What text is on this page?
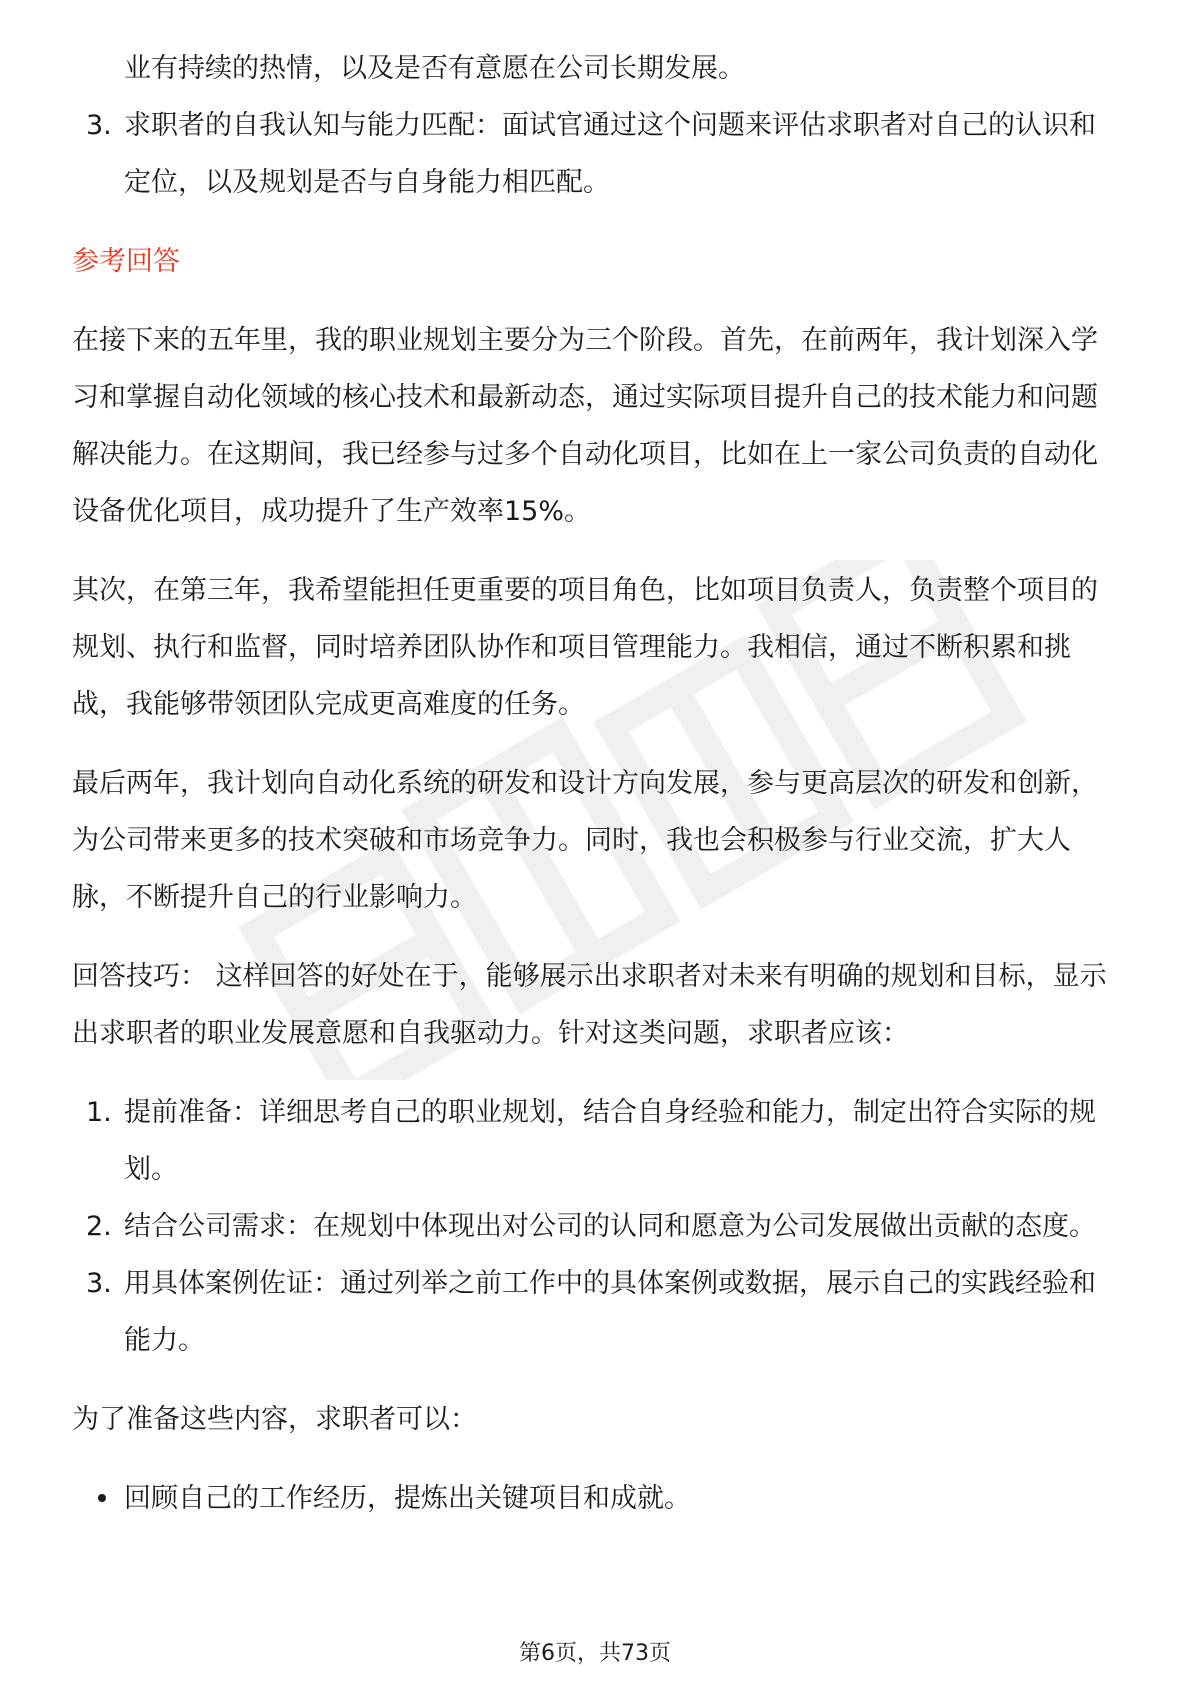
业有持续的热情，以及是否有意愿在公司长期发展。

3. 求职者的自我认知与能力匹配：面试官通过这个问题来评估求职者对自己的认识和定位，以及规划是否与自身能力相匹配。

参考回答

在接下来的五年里，我的职业规划主要分为三个阶段。首先，在前两年，我计划深入学习和掌握自动化领域的核心技术和最新动态，通过实际项目提升自己的技术能力和问题解决能力。在这期间，我已经参与过多个自动化项目，比如在上一家公司负责的自动化设备优化项目，成功提升了生产效率15%。

其次，在第三年，我希望能担任更重要的项目角色，比如项目负责人，负责整个项目的规划、执行和监督，同时培养团队协作和项目管理能力。我相信，通过不断积累和挑战，我能够带领团队完成更高难度的任务。

最后两年，我计划向自动化系统的研发和设计方向发展，参与更高层次的研发和创新，为公司带来更多的技术突破和市场竞争力。同时，我也会积极参与行业交流，扩大人脉，不断提升自己的行业影响力。

回答技巧： 这样回答的好处在于，能够展示出求职者对未来有明确的规划和目标，显示出求职者的职业发展意愿和自我驱动力。针对这类问题，求职者应该：

1. 提前准备：详细思考自己的职业规划，结合自身经验和能力，制定出符合实际的规划。
2. 结合公司需求：在规划中体现出对公司的认同和愿意为公司发展做出贡献的态度。
3. 用具体案例佐证：通过列举之前工作中的具体案例或数据，展示自己的实践经验和能力。

为了准备这些内容，求职者可以：

回顾自己的工作经历，提炼出关键项目和成就。
第6页，共73页
